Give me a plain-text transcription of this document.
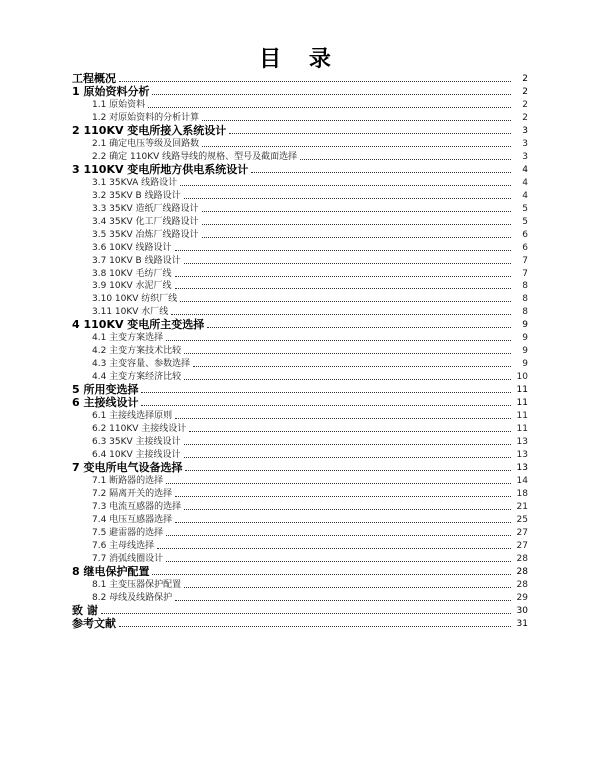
目 录
工程概况	2
1 原始资料分析	2
1.1 原始资料	2
1.2 对原始资料的分析计算	2
2 110KV 变电所接入系统设计	3
2.1 确定电压等级及回路数	3
2.2 确定 110KV 线路导线的规格、型号及截面选择	3
3 110KV 变电所地方供电系统设计	4
3.1 35KVA 线路设计	4
3.2 35KV B 线路设计	4
3.3 35KV 造纸厂线路设计	5
3.4 35KV 化工厂线路设计	5
3.5 35KV 冶炼厂线路设计	6
3.6 10KV 线路设计	6
3.7 10KV B 线路设计	7
3.8 10KV 毛纺厂线	7
3.9 10KV 水泥厂线	8
3.10 10KV 纺织厂线	8
3.11 10KV 水厂线	8
4 110KV 变电所主变选择	9
4.1 主变方案选择	9
4.2 主变方案技术比较	9
4.3 主变容量、参数选择	9
4.4 主变方案经济比较	10
5 所用变选择	11
6 主接线设计	11
6.1 主接线选择原则	11
6.2 110KV 主接线设计	11
6.3 35KV 主接线设计	13
6.4 10KV 主接线设计	13
7 变电所电气设备选择	13
7.1 断路器的选择	14
7.2 隔离开关的选择	18
7.3 电流互感器的选择	21
7.4 电压互感器选择	25
7.5 避雷器的选择	27
7.6 主母线选择	27
7.7 消弧线圈设计	28
8 继电保护配置	28
8.1 主变压器保护配置	28
8.2 母线及线路保护	29
致 谢	30
参考文献	31
